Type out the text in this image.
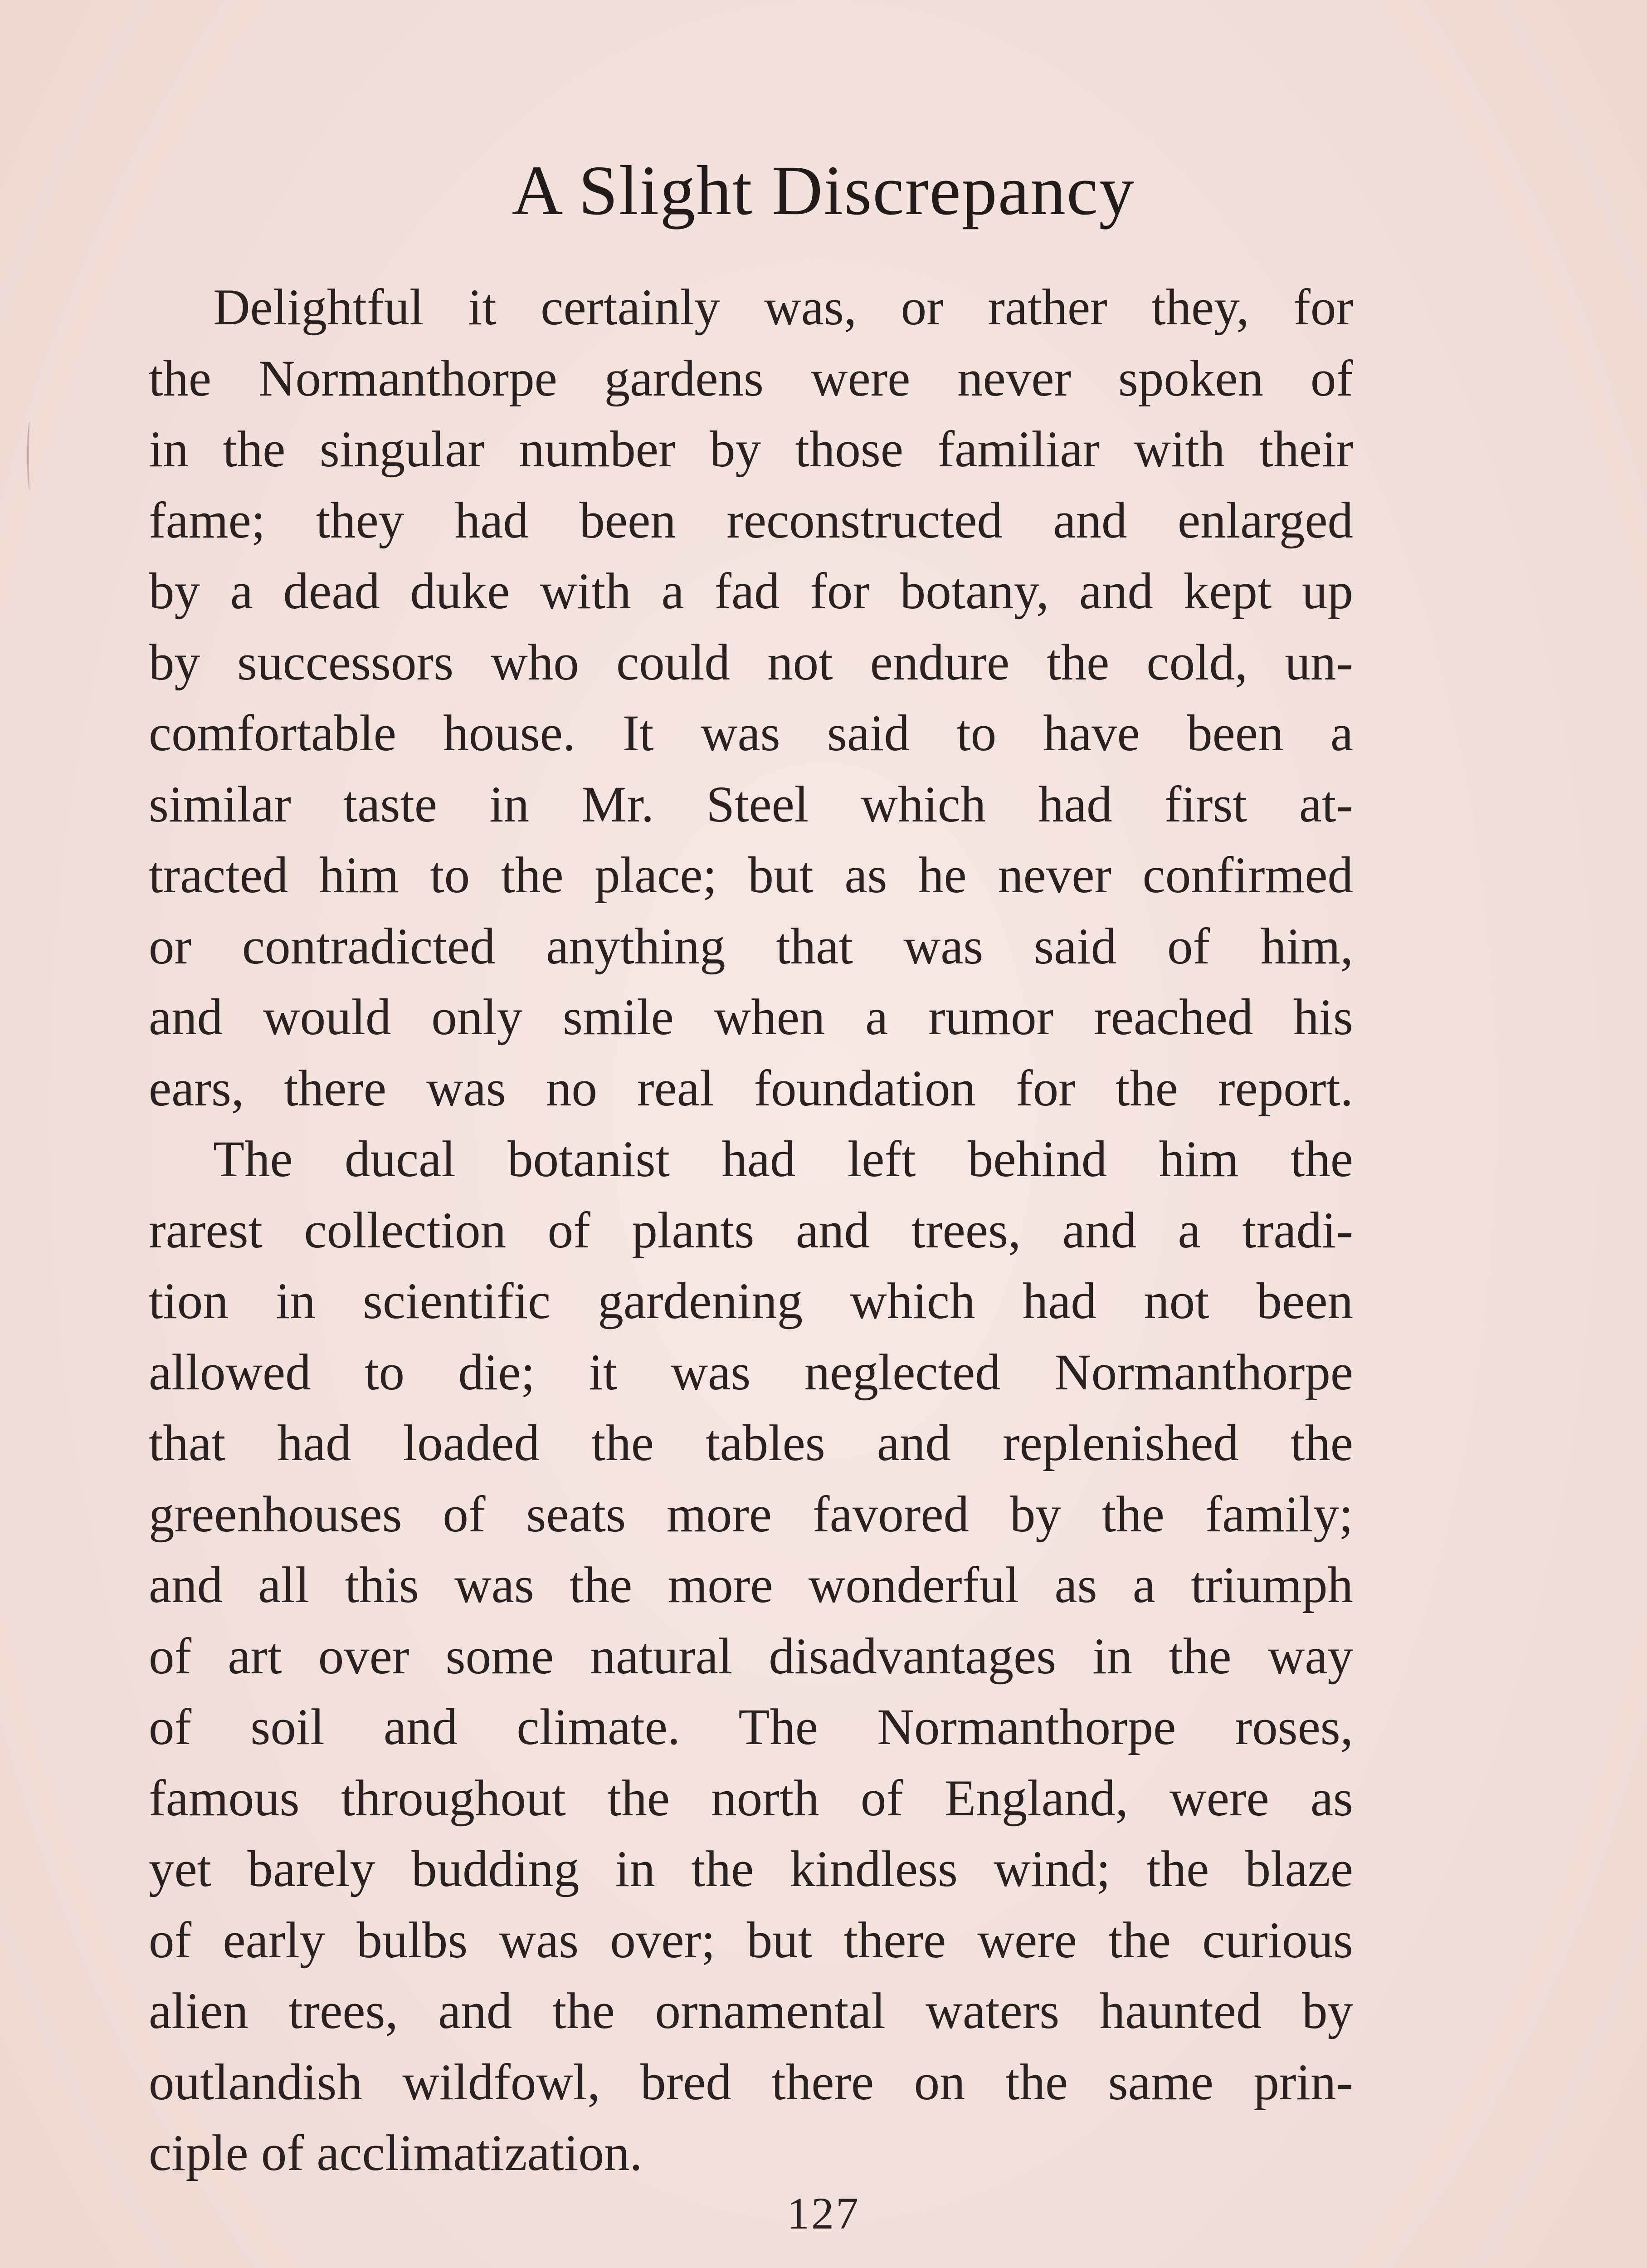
A Slight Discrepancy
Delightful it certainly was, or rather they, for
the Normanthorpe gardens were never spoken of
in the singular number by those familiar with their
fame; they had been reconstructed and enlarged
by a dead duke with a fad for botany, and kept up
by successors who could not endure the cold, un-
comfortable house. It was said to have been a
similar taste in Mr. Steel which had first at-
tracted him to the place; but as he never confirmed
or contradicted anything that was said of him,
and would only smile when a rumor reached his
ears, there was no real foundation for the report.
The ducal botanist had left behind him the
rarest collection of plants and trees, and a tradi-
tion in scientific gardening which had not been
allowed to die; it was neglected Normanthorpe
that had loaded the tables and replenished the
greenhouses of seats more favored by the family;
and all this was the more wonderful as a triumph
of art over some natural disadvantages in the way
of soil and climate. The Normanthorpe roses,
famous throughout the north of England, were as
yet barely budding in the kindless wind; the blaze
of early bulbs was over; but there were the curious
alien trees, and the ornamental waters haunted by
outlandish wildfowl, bred there on the same prin-
ciple of acclimatization.
127
